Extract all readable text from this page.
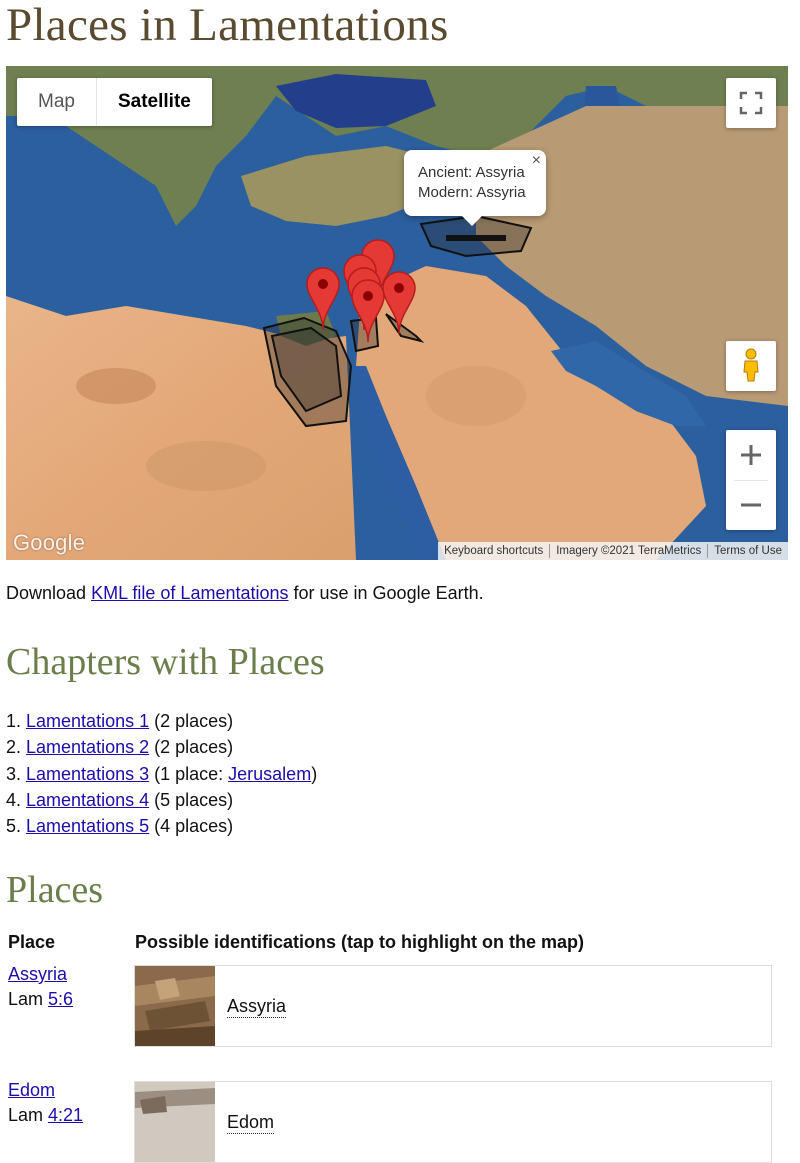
Places in Lamentations
Map	Satellite
×
Ancient: Assyria
Modern: Assyria
Google	Keyboard shortcuts	Imagery ©2021 TerraMetrics	Terms of Use
Download KML file of Lamentations for use in Google Earth.
Chapters with Places
1. Lamentations 1 (2 places)
2. Lamentations 2 (2 places)
3. Lamentations 3 (1 place: Jerusalem)
4. Lamentations 4 (5 places)
5. Lamentations 5 (4 places)
Places
Place	Possible identifications (tap to highlight on the map)
Assyria
Lam 5:6	Assyria
Edom
Lam 4:21	Edom
